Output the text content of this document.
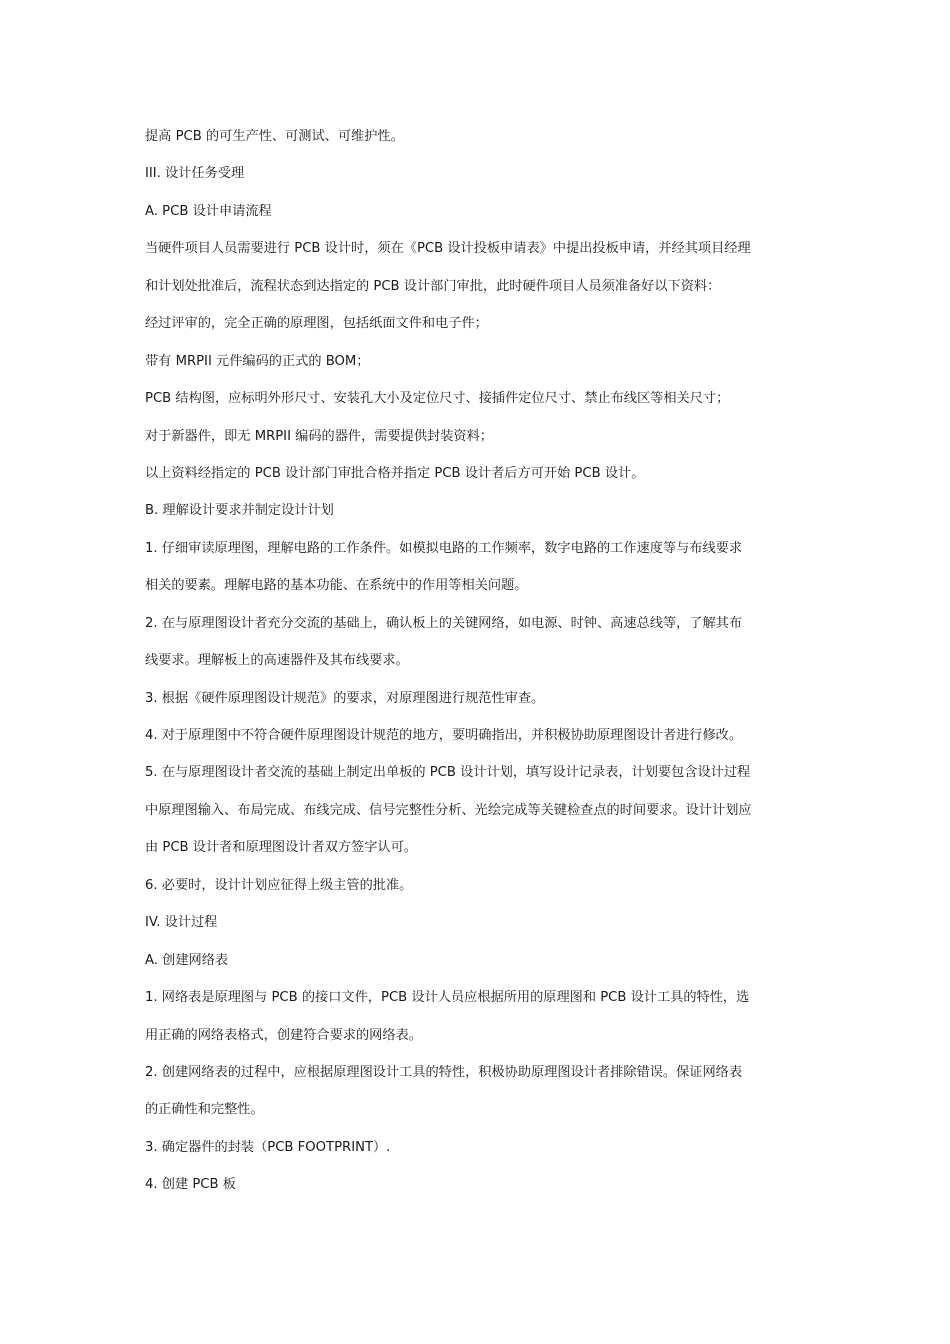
提高 PCB 的可生产性、可测试、可维护性。

III. 设计任务受理

A. PCB 设计申请流程

当硬件项目人员需要进行 PCB 设计时，须在《PCB 设计投板申请表》中提出投板申请，并经其项目经理

和计划处批准后，流程状态到达指定的 PCB 设计部门审批，此时硬件项目人员须准备好以下资料：

经过评审的，完全正确的原理图，包括纸面文件和电子件；

带有 MRPII 元件编码的正式的 BOM；

PCB 结构图，应标明外形尺寸、安装孔大小及定位尺寸、接插件定位尺寸、禁止布线区等相关尺寸；

对于新器件，即无 MRPII 编码的器件，需要提供封装资料；

以上资料经指定的 PCB 设计部门审批合格并指定 PCB 设计者后方可开始 PCB 设计。

B. 理解设计要求并制定设计计划

1. 仔细审读原理图，理解电路的工作条件。如模拟电路的工作频率，数字电路的工作速度等与布线要求

相关的要素。理解电路的基本功能、在系统中的作用等相关问题。

2. 在与原理图设计者充分交流的基础上，确认板上的关键网络，如电源、时钟、高速总线等，了解其布

线要求。理解板上的高速器件及其布线要求。

3. 根据《硬件原理图设计规范》的要求，对原理图进行规范性审查。

4. 对于原理图中不符合硬件原理图设计规范的地方，要明确指出，并积极协助原理图设计者进行修改。

5. 在与原理图设计者交流的基础上制定出单板的 PCB 设计计划，填写设计记录表，计划要包含设计过程

中原理图输入、布局完成、布线完成、信号完整性分析、光绘完成等关键检查点的时间要求。设计计划应

由 PCB 设计者和原理图设计者双方签字认可。

6. 必要时，设计计划应征得上级主管的批准。

IV. 设计过程

A. 创建网络表

1. 网络表是原理图与 PCB 的接口文件，PCB 设计人员应根据所用的原理图和 PCB 设计工具的特性，选

用正确的网络表格式，创建符合要求的网络表。

2. 创建网络表的过程中，应根据原理图设计工具的特性，积极协助原理图设计者排除错误。保证网络表

的正确性和完整性。

3. 确定器件的封装（PCB FOOTPRINT）.

4. 创建 PCB 板
